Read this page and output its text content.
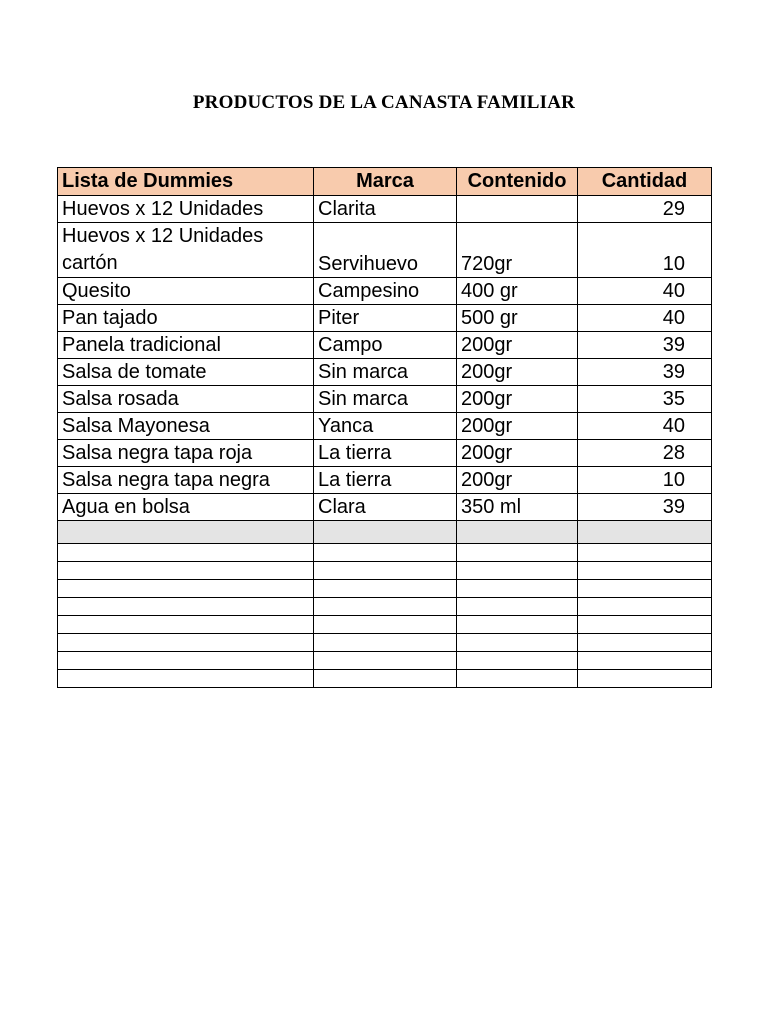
PRODUCTOS DE LA CANASTA FAMILIAR
Lista de Dummies	Marca	Contenido	Cantidad
Huevos x 12 Unidades	Clarita		29
Huevos x 12 Unidades cartón	Servihuevo	720gr	10
Quesito	Campesino	400 gr	40
Pan tajado	Piter	500 gr	40
Panela tradicional	Campo	200gr	39
Salsa de tomate	Sin marca	200gr	39
Salsa rosada	Sin marca	200gr	35
Salsa Mayonesa	Yanca	200gr	40
Salsa negra tapa roja	La tierra	200gr	28
Salsa negra tapa negra	La tierra	200gr	10
Agua en bolsa	Clara	350 ml	39
